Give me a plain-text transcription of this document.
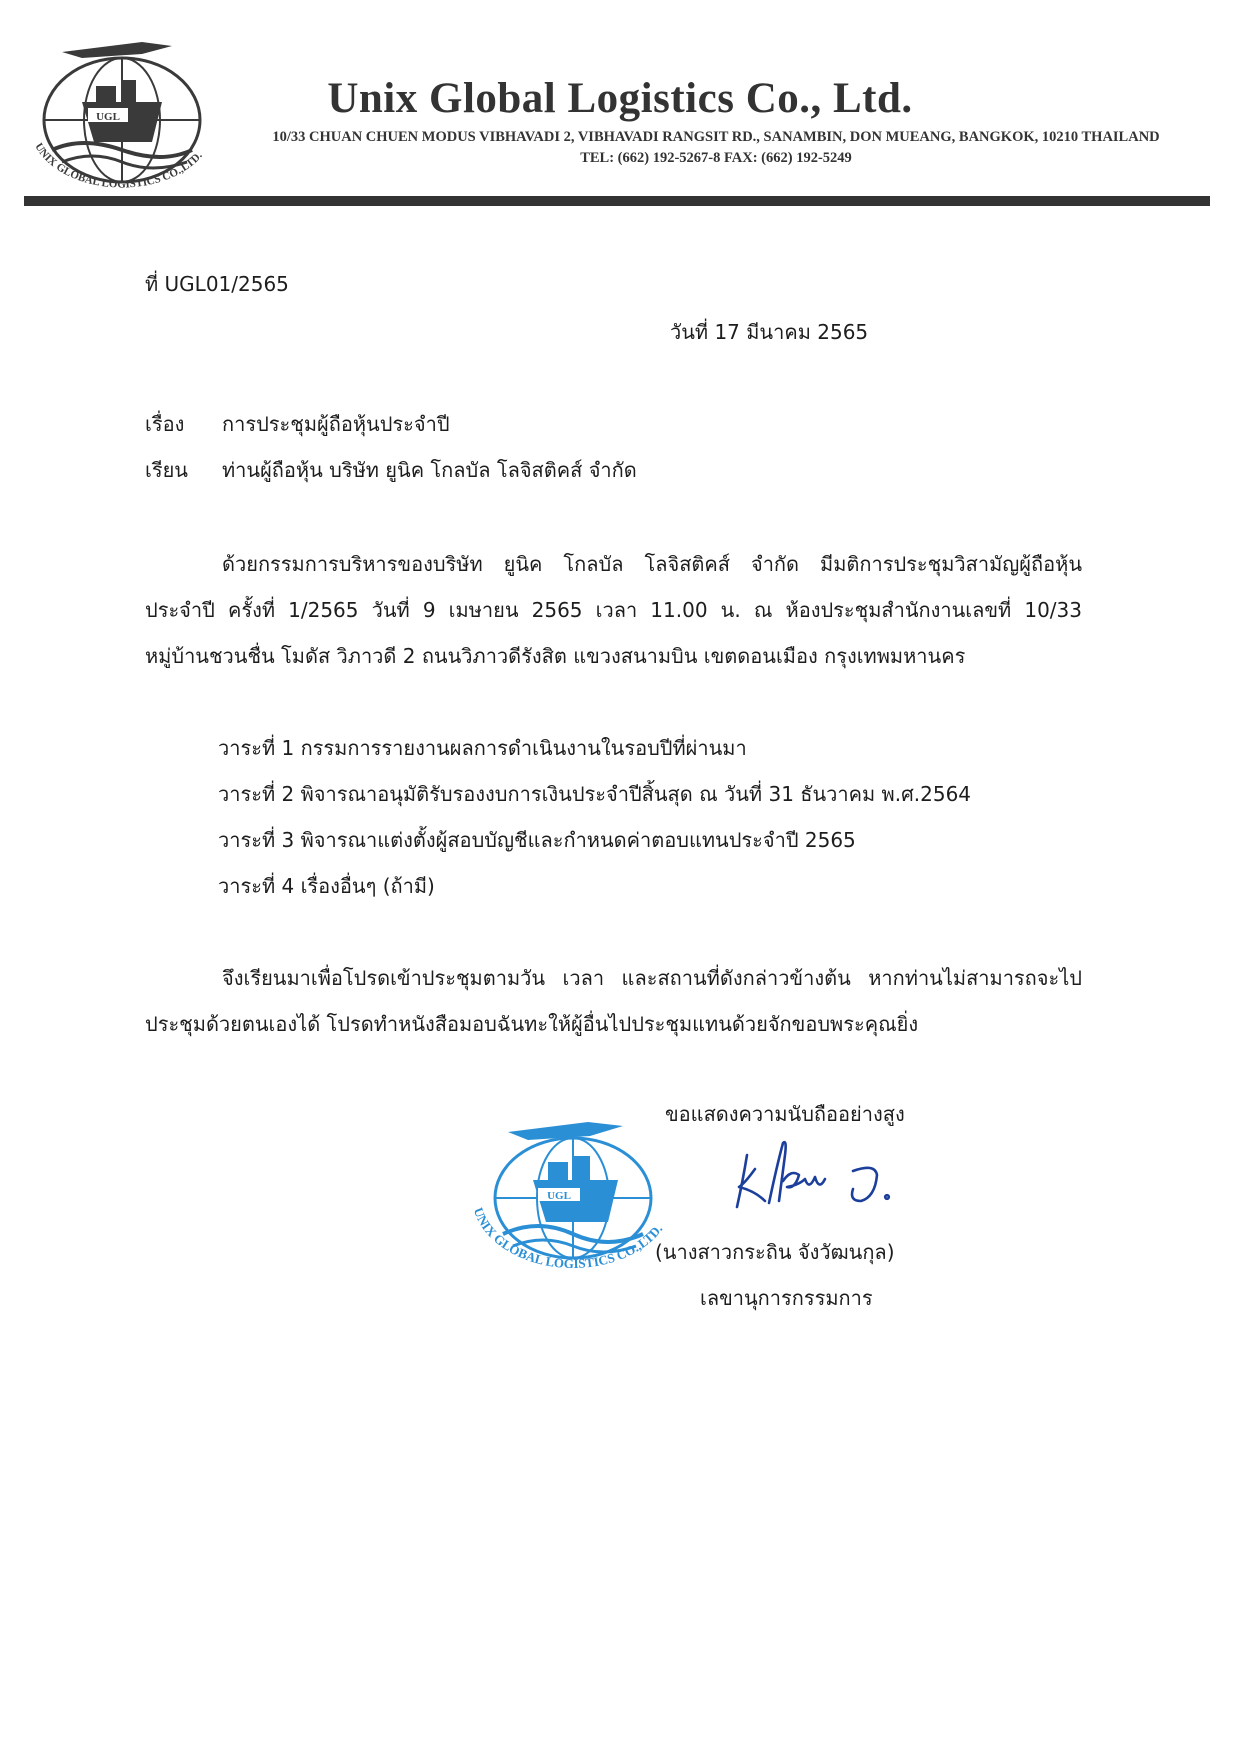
UGL
UNIX GLOBAL LOGISTICS CO.,LTD.
Unix Global Logistics Co., Ltd.
10/33 CHUAN CHUEN MODUS VIBHAVADI 2, VIBHAVADI RANGSIT RD., SANAMBIN, DON MUEANG, BANGKOK, 10210 THAILAND
TEL: (662) 192-5267-8 FAX: (662) 192-5249
ที่ UGL01/2565
วันที่ 17 มีนาคม 2565
เรื่อง การประชุมผู้ถือหุ้นประจำปี
เรียน ท่านผู้ถือหุ้น บริษัท ยูนิค โกลบัล โลจิสติคส์ จำกัด
ด้วยกรรมการบริหารของบริษัท ยูนิค โกลบัล โลจิสติคส์ จำกัด มีมติการประชุมวิสามัญผู้ถือหุ้น
ประจำปี ครั้งที่ 1/2565 วันที่ 9 เมษายน 2565 เวลา 11.00 น. ณ ห้องประชุมสำนักงานเลขที่ 10/33
หมู่บ้านชวนชื่น โมดัส วิภาวดี 2 ถนนวิภาวดีรังสิต แขวงสนามบิน เขตดอนเมือง กรุงเทพมหานคร
วาระที่ 1 กรรมการรายงานผลการดำเนินงานในรอบปีที่ผ่านมา
วาระที่ 2 พิจารณาอนุมัติรับรองงบการเงินประจำปีสิ้นสุด ณ วันที่ 31 ธันวาคม พ.ศ.2564
วาระที่ 3 พิจารณาแต่งตั้งผู้สอบบัญชีและกำหนดค่าตอบแทนประจำปี 2565
วาระที่ 4 เรื่องอื่นๆ (ถ้ามี)
จึงเรียนมาเพื่อโปรดเข้าประชุมตามวัน เวลา และสถานที่ดังกล่าวข้างต้น หากท่านไม่สามารถจะไป
ประชุมด้วยตนเองได้ โปรดทำหนังสือมอบฉันทะให้ผู้อื่นไปประชุมแทนด้วยจักขอบพระคุณยิ่ง
ขอแสดงความนับถืออย่างสูง
UGL
UNIX GLOBAL LOGISTICS CO.,LTD.
(นางสาวกระถิน จังวัฒนกุล)
เลขานุการกรรมการ
